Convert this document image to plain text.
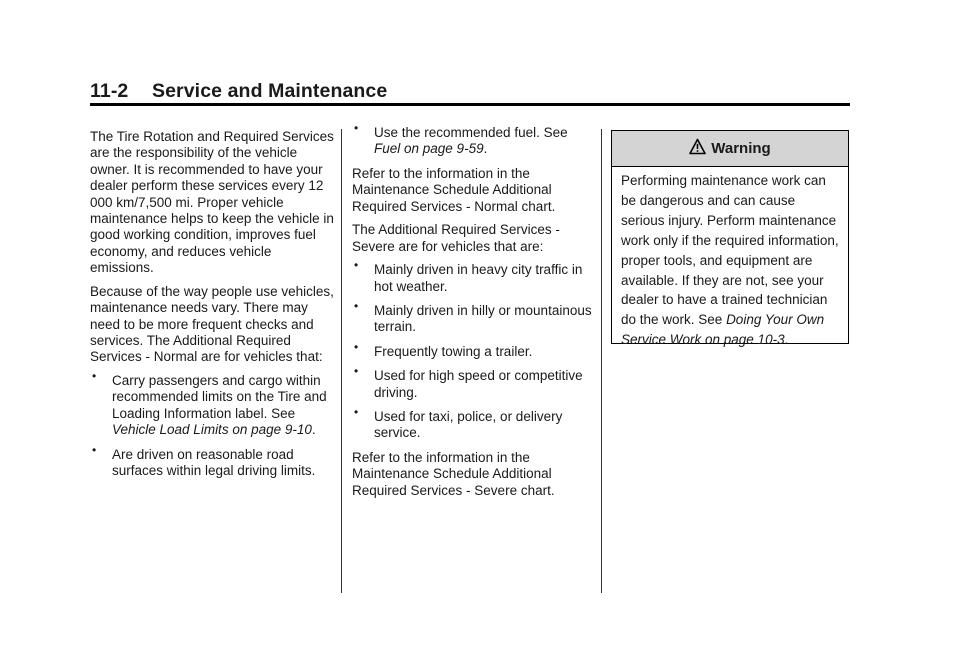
11-2 Service and Maintenance

The Tire Rotation and Required Services are the responsibility of the vehicle owner. It is recommended to have your dealer perform these services every 12 000 km/7,500 mi. Proper vehicle maintenance helps to keep the vehicle in good working condition, improves fuel economy, and reduces vehicle emissions.

Because of the way people use vehicles, maintenance needs vary. There may need to be more frequent checks and services. The Additional Required Services - Normal are for vehicles that:

• Carry passengers and cargo within recommended limits on the Tire and Loading Information label. See Vehicle Load Limits on page 9-10.
• Are driven on reasonable road surfaces within legal driving limits.
• Use the recommended fuel. See Fuel on page 9-59.

Refer to the information in the Maintenance Schedule Additional Required Services - Normal chart.

The Additional Required Services - Severe are for vehicles that are:

• Mainly driven in heavy city traffic in hot weather.
• Mainly driven in hilly or mountainous terrain.
• Frequently towing a trailer.
• Used for high speed or competitive driving.
• Used for taxi, police, or delivery service.

Refer to the information in the Maintenance Schedule Additional Required Services - Severe chart.

Warning
Performing maintenance work can be dangerous and can cause serious injury. Perform maintenance work only if the required information, proper tools, and equipment are available. If they are not, see your dealer to have a trained technician do the work. See Doing Your Own Service Work on page 10-3.
